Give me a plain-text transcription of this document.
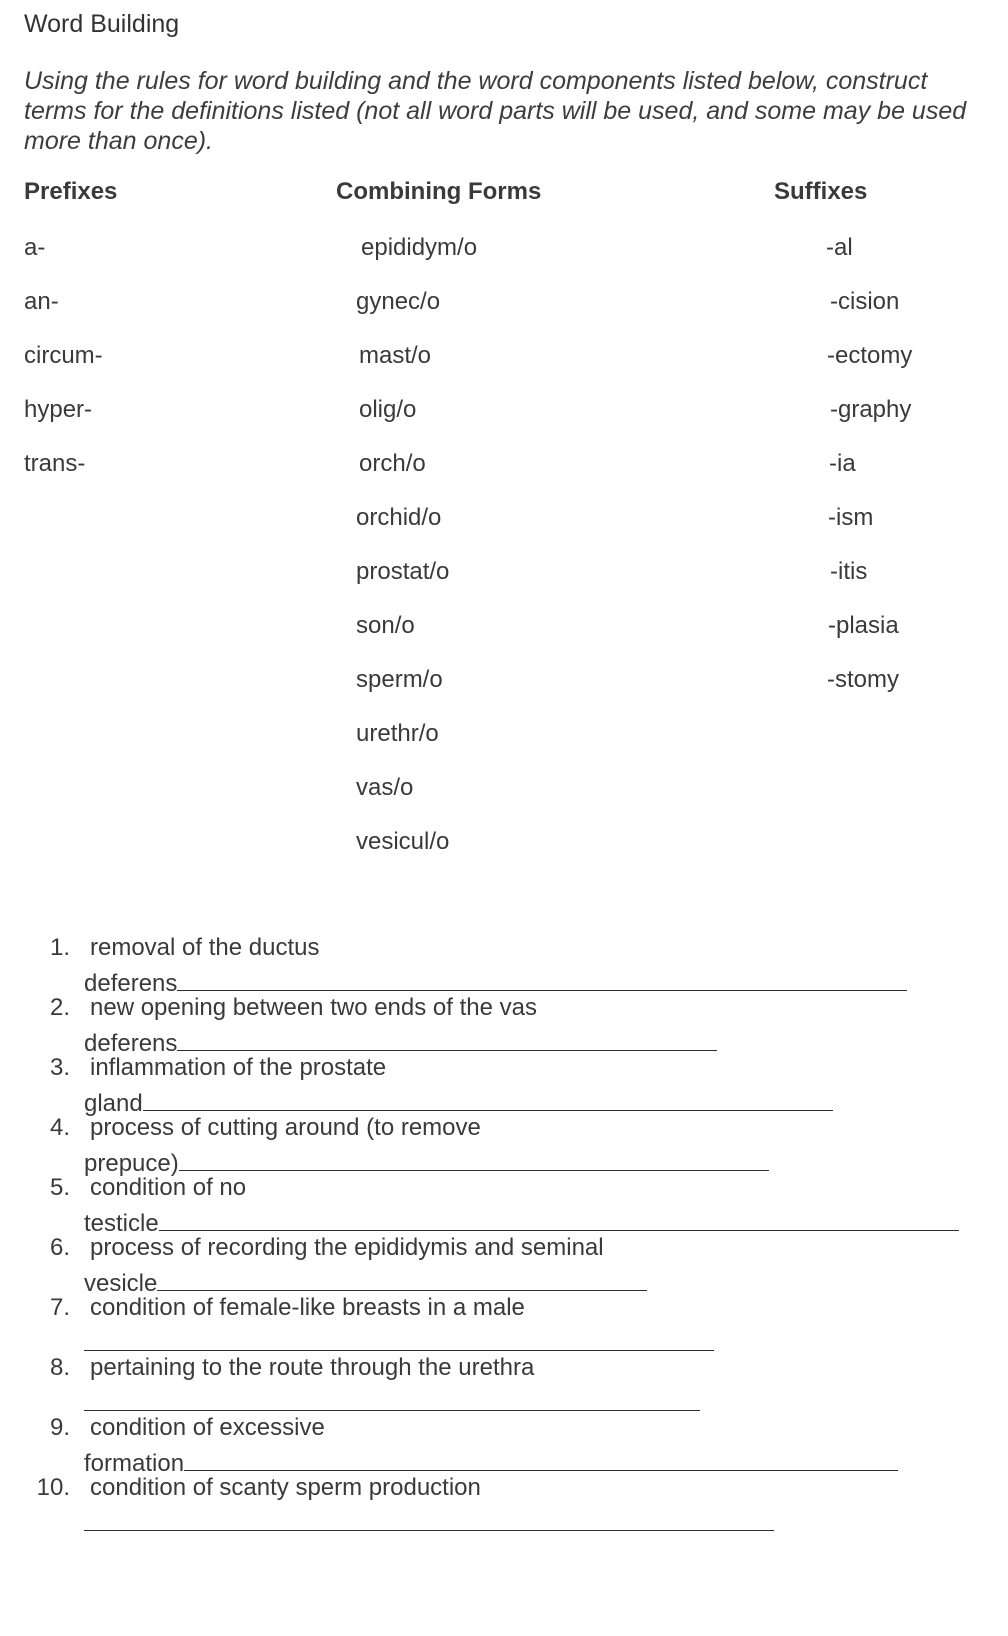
Word Building
Using the rules for word building and the word components listed below, construct terms for the definitions listed (not all word parts will be used, and some may be used more than once).
Prefixes	Combining Forms	Suffixes
a-
an-
circum-
hyper-
trans-
epididym/o
gynec/o
mast/o
olig/o
orch/o
orchid/o
prostat/o
son/o
sperm/o
urethr/o
vas/o
vesicul/o
-al
-cision
-ectomy
-graphy
-ia
-ism
-itis
-plasia
-stomy
1. removal of the ductus
deferens
2. new opening between two ends of the vas
deferens
3. inflammation of the prostate
gland
4. process of cutting around (to remove
prepuce)
5. condition of no
testicle
6. process of recording the epididymis and seminal
vesicle
7. condition of female-like breasts in a male
8. pertaining to the route through the urethra
9. condition of excessive
formation
10. condition of scanty sperm production
